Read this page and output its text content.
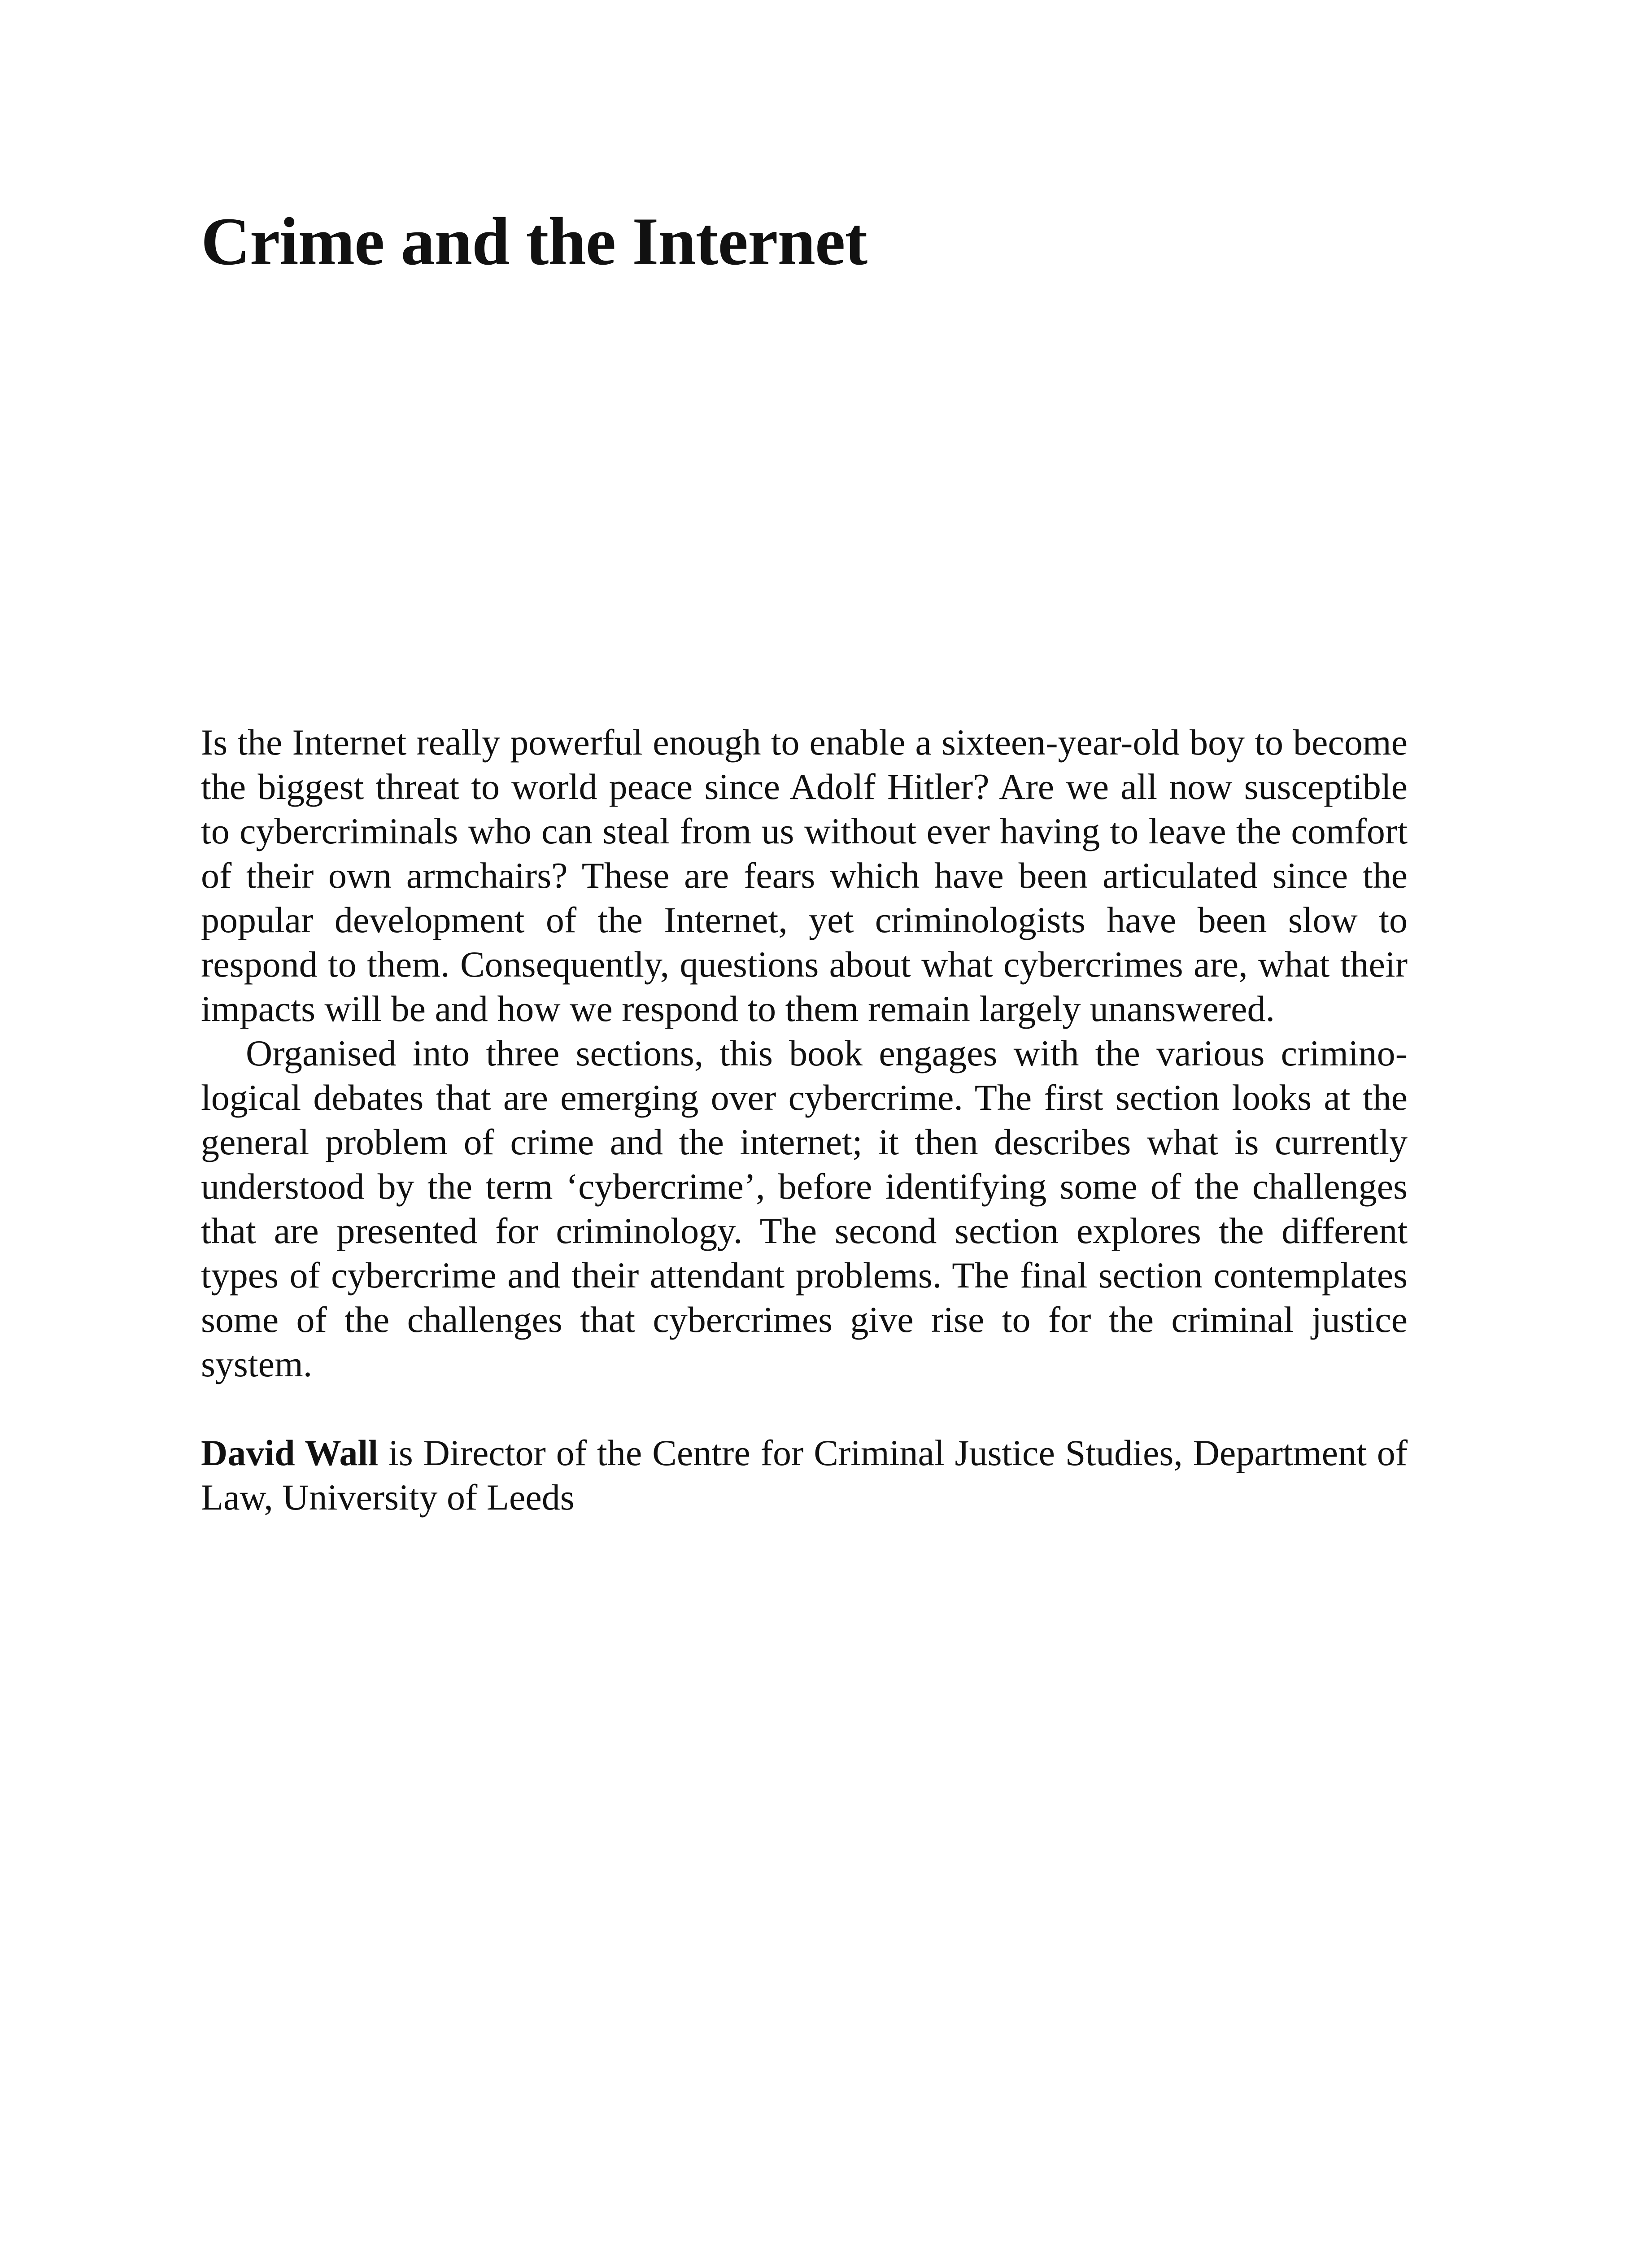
Crime and the Internet

Is the Internet really powerful enough to enable a sixteen-year-old boy to become the biggest threat to world peace since Adolf Hitler? Are we all now susceptible to cybercriminals who can steal from us without ever having to leave the comfort of their own armchairs? These are fears which have been articulated since the popular development of the Internet, yet criminologists have been slow to respond to them. Consequently, questions about what cybercrimes are, what their impacts will be and how we respond to them remain largely unanswered.

Organised into three sections, this book engages with the various criminological debates that are emerging over cybercrime. The first section looks at the general problem of crime and the internet; it then describes what is currently understood by the term ‘cybercrime’, before identifying some of the challenges that are presented for criminology. The second section explores the different types of cybercrime and their attendant problems. The final section contemplates some of the challenges that cybercrimes give rise to for the criminal justice system.

David Wall is Director of the Centre for Criminal Justice Studies, Department of Law, University of Leeds
